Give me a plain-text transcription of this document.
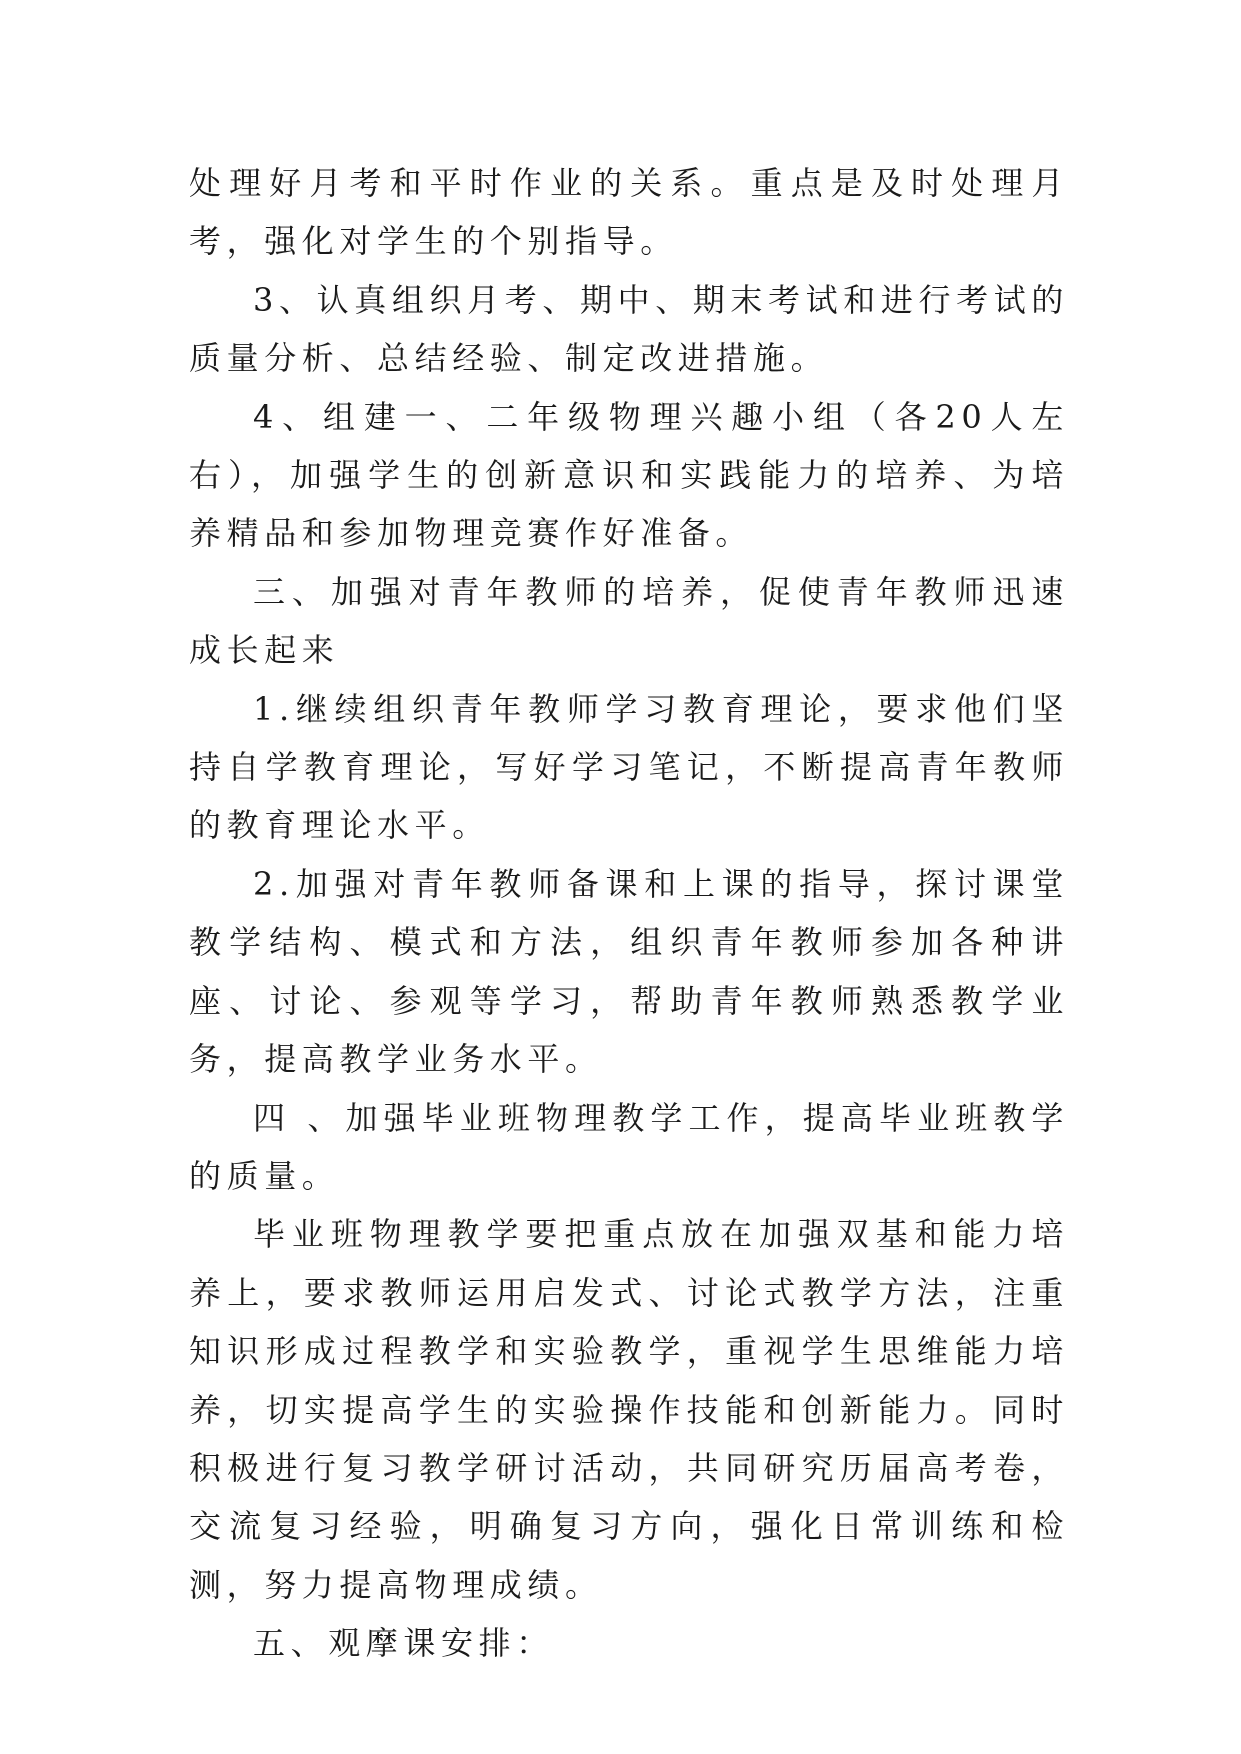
处理好月考和平时作业的关系。重点是及时处理月考，强化对学生的个别指导。

3、认真组织月考、期中、期末考试和进行考试的质量分析、总结经验、制定改进措施。

4、组建一、二年级物理兴趣小组（各20人左右），加强学生的创新意识和实践能力的培养、为培养精品和参加物理竞赛作好准备。

三、加强对青年教师的培养，促使青年教师迅速成长起来

1.继续组织青年教师学习教育理论，要求他们坚持自学教育理论，写好学习笔记，不断提高青年教师的教育理论水平。

2.加强对青年教师备课和上课的指导，探讨课堂教学结构、模式和方法，组织青年教师参加各种讲座、讨论、参观等学习，帮助青年教师熟悉教学业务，提高教学业务水平。

四 、加强毕业班物理教学工作，提高毕业班教学的质量。

毕业班物理教学要把重点放在加强双基和能力培养上，要求教师运用启发式、讨论式教学方法，注重知识形成过程教学和实验教学，重视学生思维能力培养，切实提高学生的实验操作技能和创新能力。同时积极进行复习教学研讨活动，共同研究历届高考卷，交流复习经验，明确复习方向，强化日常训练和检测，努力提高物理成绩。

五、观摩课安排：
